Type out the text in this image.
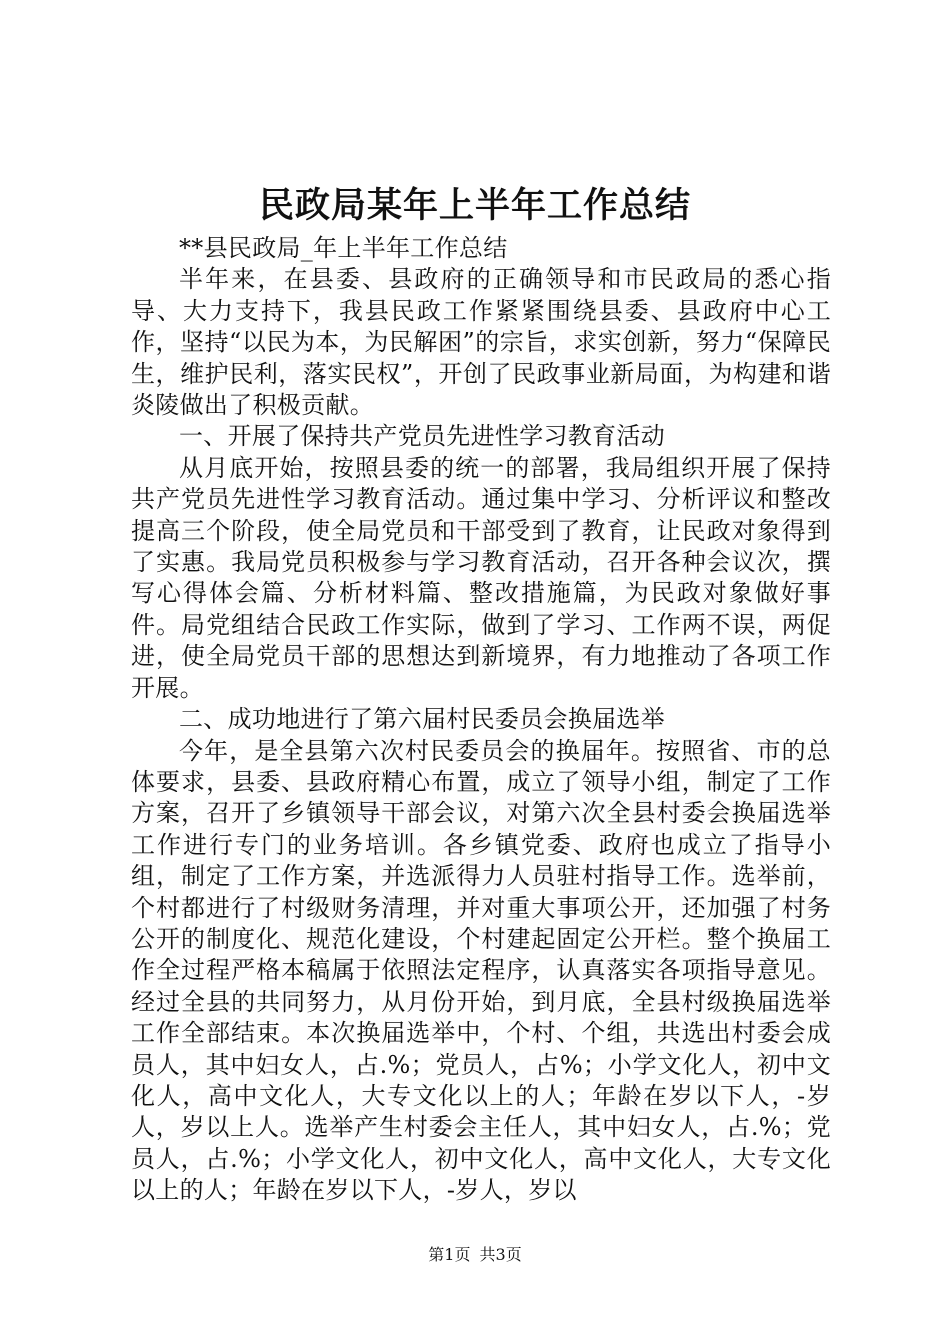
民政局某年上半年工作总结

**县民政局_年上半年工作总结

半年来，在县委、县政府的正确领导和市民政局的悉心指导、大力支持下，我县民政工作紧紧围绕县委、县政府中心工作，坚持“以民为本，为民解困”的宗旨，求实创新，努力“保障民生，维护民利，落实民权”，开创了民政事业新局面，为构建和谐炎陵做出了积极贡献。

一、开展了保持共产党员先进性学习教育活动

从月底开始，按照县委的统一的部署，我局组织开展了保持共产党员先进性学习教育活动。通过集中学习、分析评议和整改提高三个阶段，使全局党员和干部受到了教育，让民政对象得到了实惠。我局党员积极参与学习教育活动，召开各种会议次，撰写心得体会篇、分析材料篇、整改措施篇，为民政对象做好事件。局党组结合民政工作实际，做到了学习、工作两不误，两促进，使全局党员干部的思想达到新境界，有力地推动了各项工作开展。

二、成功地进行了第六届村民委员会换届选举

今年，是全县第六次村民委员会的换届年。按照省、市的总体要求，县委、县政府精心布置，成立了领导小组，制定了工作方案，召开了乡镇领导干部会议，对第六次全县村委会换届选举工作进行专门的业务培训。各乡镇党委、政府也成立了指导小组，制定了工作方案，并选派得力人员驻村指导工作。选举前，个村都进行了村级财务清理，并对重大事项公开，还加强了村务公开的制度化、规范化建设，个村建起固定公开栏。整个换届工作全过程严格本稿属于依照法定程序，认真落实各项指导意见。经过全县的共同努力，从月份开始，到月底，全县村级换届选举工作全部结束。本次换届选举中，个村、个组，共选出村委会成员人，其中妇女人，占.%；党员人，占%；小学文化人，初中文化人，高中文化人，大专文化以上的人；年龄在岁以下人，-岁人，岁以上人。选举产生村委会主任人，其中妇女人，占.%；党员人，占.%；小学文化人，初中文化人，高中文化人，大专文化以上的人；年龄在岁以下人，-岁人，岁以

第1页 共3页
